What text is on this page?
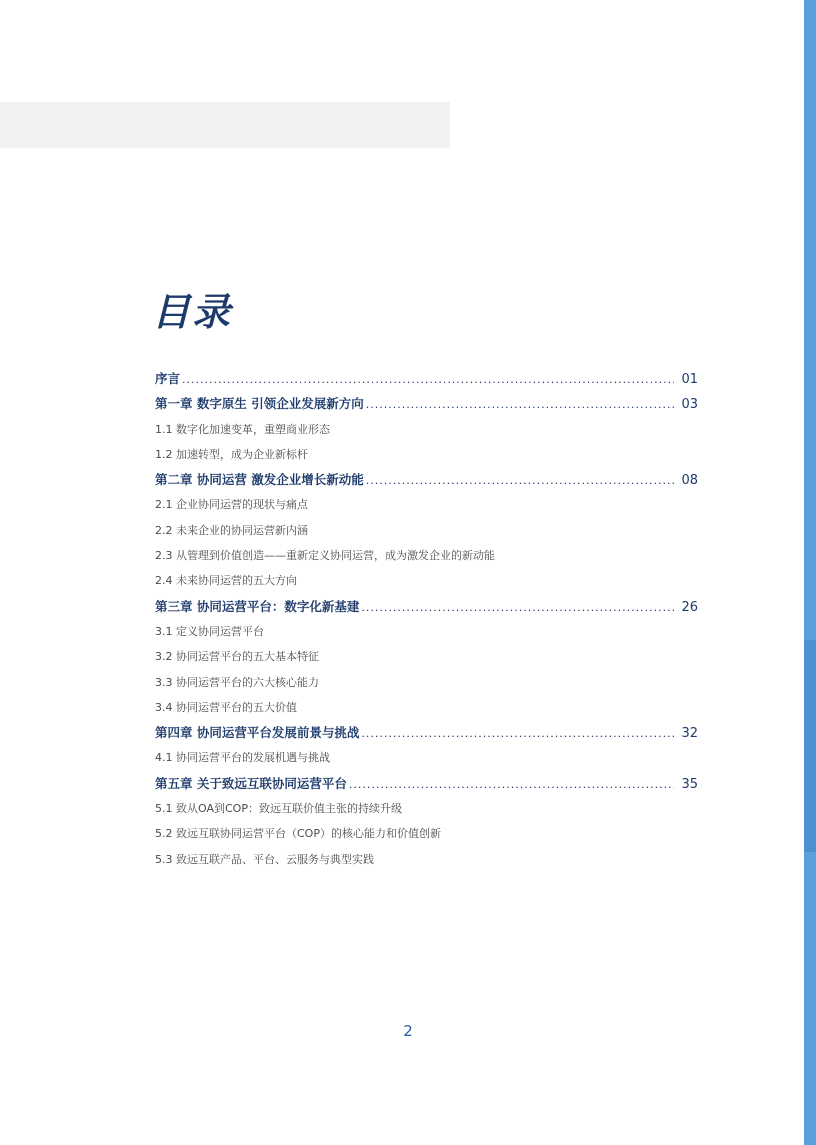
目录
序言 .....	01
第一章 数字原生 引领企业发展新方向 .....	03
1.1 数字化加速变革，重塑商业形态
1.2 加速转型，成为企业新标杆
第二章 协同运营 激发企业增长新动能 .....	08
2.1 企业协同运营的现状与痛点
2.2 未来企业的协同运营新内涵
2.3 从管理到价值创造——重新定义协同运营，成为激发企业的新动能
2.4 未来协同运营的五大方向
第三章 协同运营平台：数字化新基建 .....	26
3.1 定义协同运营平台
3.2 协同运营平台的五大基本特征
3.3 协同运营平台的六大核心能力
3.4 协同运营平台的五大价值
第四章 协同运营平台发展前景与挑战 .....	32
4.1 协同运营平台的发展机遇与挑战
第五章 关于致远互联协同运营平台 .....	35
5.1 致从OA到COP：致远互联价值主张的持续升级
5.2 致远互联协同运营平台（COP）的核心能力和价值创新
5.3 致远互联产品、平台、云服务与典型实践
2
